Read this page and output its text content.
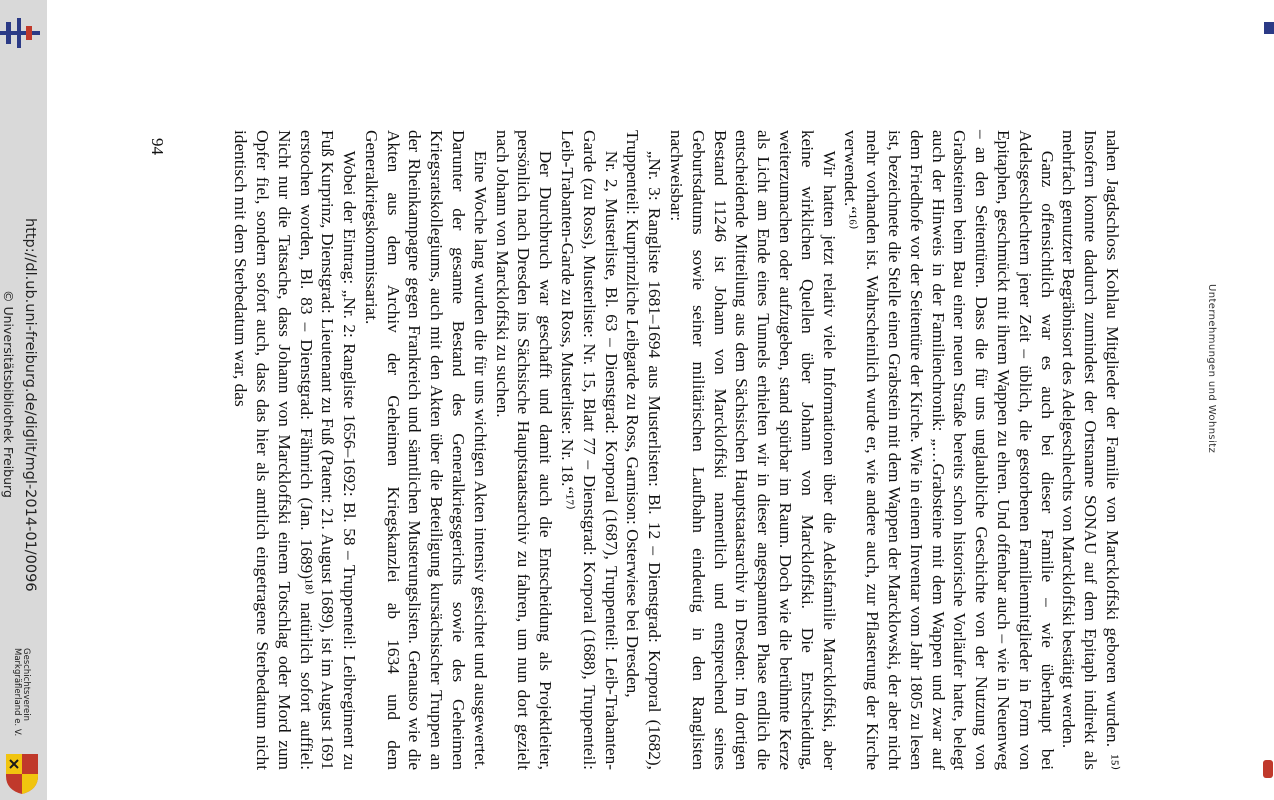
Geschichtsverein
Markgräflerland e. V.
Unternehmungen und Wohnsitz

nahen Jagdschloss Kohlau Mitglieder der Familie von Marckloffski geboren wurden. ¹⁵⁾ Insofern konnte dadurch zumindest der Ortsname SONAU auf dem Epitaph indirekt als mehrfach genutzter Begräbnisort des Adelgeschlechts von Marckloffski bestätigt werden.

Ganz offensichtlich war es auch bei dieser Familie – wie überhaupt bei Adelsgeschlechtern jener Zeit – üblich, die gestorbenen Familienmitglieder in Form von Epitaphen, geschmückt mit ihrem Wappen zu ehren. Und offenbar auch – wie in Neuenweg – an den Seitentüren. Dass die für uns unglaubliche Geschichte von der Nutzung von Grabsteinen beim Bau einer neuen Straße bereits schon historische Vorläufer hatte, belegt auch der Hinweis in der Familienchronik: „…Grabsteine mit dem Wappen und zwar auf dem Friedhofe vor der Seitentüre der Kirche. Wie in einem Inventar vom Jahr 1805 zu lesen ist, bezeichnete die Stelle einen Grabstein mit dem Wappen der Marcklowski, der aber nicht mehr vorhanden ist. Wahrscheinlich wurde er, wie andere auch, zur Pflasterung der Kirche verwendet.“¹⁶⁾

Wir hatten jetzt relativ viele Informationen über die Adelsfamilie Marckloffski, aber keine wirklichen Quellen über Johann von Marckloffski. Die Entscheidung, weiterzumachen oder aufzugeben, stand spürbar im Raum. Doch wie die berühmte Kerze als Licht am Ende eines Tunnels erhielten wir in dieser angespannten Phase endlich die entscheidende Mitteilung aus dem Sächsischen Hauptstaatsarchiv in Dresden: Im dortigen Bestand 11246 ist Johann von Marckloffski namentlich und entsprechend seines Geburtsdatums sowie seiner militärischen Laufbahn eindeutig in den Ranglisten nachweisbar:

„Nr. 3: Rangliste 1681–1694 aus Musterlisten: Bl. 12 – Dienstgrad: Korporal (1682), Truppenteil: Kurprinzliche Leibgarde zu Ross, Garnison: Osterwiese bei Dresden,

Nr. 2, Musterliste, Bl. 63 – Dienstgrad: Korporal (1687), Truppenteil: Leib-Trabanten-Garde (zu Ross), Musterliste: Nr. 15, Blatt 77 – Dienstgrad: Korporal (1688), Truppenteil: Leib-Trabanten-Garde zu Ross, Musterliste: Nr. 18.“¹⁷⁾

Der Durchbruch war geschafft und damit auch die Entscheidung als Projektleiter, persönlich nach Dresden ins Sächsische Hauptstaatsarchiv zu fahren, um nun dort gezielt nach Johann von Marckloffski zu suchen.

Eine Woche lang wurden die für uns wichtigen Akten intensiv gesichtet und ausgewertet. Darunter der gesamte Bestand des Generalkriegsgerichts sowie des Geheimen Kriegsratskollegiums, auch mit den Akten über die Beteiligung kursächsischer Truppen an der Rheinkampagne gegen Frankreich und sämtlichen Musterungslisten. Genauso wie die Akten aus dem Archiv der Geheimen Kriegskanzlei ab 1634 und dem Generalkriegskommissariat.

Wobei der Eintrag: „Nr. 2: Rangliste 1656–1692: Bl. 58 – Truppenteil: Leibregiment zu Fuß Kurprinz, Dienstgrad: Lieutenant zu Fuß (Patent: 21. August 1689), ist im August 1691 erstochen worden, Bl. 83 – Dienstgrad: Fähnrich (Jan. 1689)¹⁸⁾ natürlich sofort auffiel: Nicht nur die Tatsache, dass Johann von Marckloffski einem Totschlag oder Mord zum Opfer fiel, sondern sofort auch, dass das hier als amtlich eingetragene Sterbedatum nicht identisch mit dem Sterbedatum war, das

94
http://dl.ub.uni-freiburg.de/diglit/mgl-2014-01/0096
© Universitätsbibliothek Freiburg
